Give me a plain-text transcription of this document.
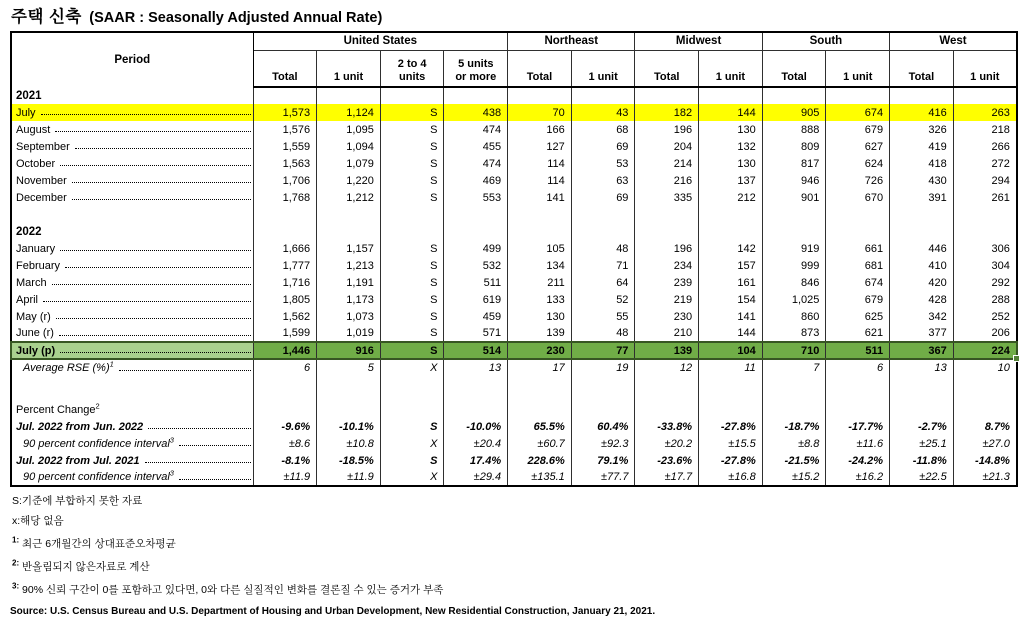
주택 신축 (SAAR : Seasonally Adjusted Annual Rate)
Period	United States				Northeast		Midwest		South		West	
	Total	1 unit	2 to 4
units	5 units
or more	Total	1 unit	Total	1 unit	Total	1 unit	Total	1 unit
2021												

July	1,573	1,124	S	438	70	43	182	144	905	674	416	263

August	1,576	1,095	S	474	166	68	196	130	888	679	326	218

September	1,559	1,094	S	455	127	69	204	132	809	627	419	266

October	1,563	1,079	S	474	114	53	214	130	817	624	418	272

November	1,706	1,220	S	469	114	63	216	137	946	726	430	294

December	1,768	1,212	S	553	141	69	335	212	901	670	391	261

2022												

January	1,666	1,157	S	499	105	48	196	142	919	661	446	306

February	1,777	1,213	S	532	134	71	234	157	999	681	410	304

March	1,716	1,191	S	511	211	64	239	161	846	674	420	292

April	1,805	1,173	S	619	133	52	219	154	1,025	679	428	288

May (r)	1,562	1,073	S	459	130	55	230	141	860	625	342	252

June (r)	1,599	1,019	S	571	139	48	210	144	873	621	377	206

July (p)	1,446	916	S	514	230	77	139	104	710	511	367	224

Average RSE (%)$^1$	6	5	X	13	17	19	12	11	7	6	13	10

Percent Change$^2$												

Jul. 2022 from Jun. 2022	-9.6%	-10.1%	S	-10.0%	65.5%	60.4%	-33.8%	-27.8%	-18.7%	-17.7%	-2.7%	8.7%

90 percent confidence interval$^3$	±8.6	±10.8	X	±20.4	±60.7	±92.3	±20.2	±15.5	±8.8	±11.6	±25.1	±27.0

Jul. 2022 from Jul. 2021	-8.1%	-18.5%	S	17.4%	228.6%	79.1%	-23.6%	-27.8%	-21.5%	-24.2%	-11.8%	-14.8%

90 percent confidence interval$^3$	±11.9	±11.9	X	±29.4	±135.1	±77.7	±17.7	±16.8	±15.2	±16.2	±22.5	±21.3
S:기준에 부합하지 못한 자료
x:해당 없음
$^{1:}$ 최근 6개월간의 상대표준오차평균
$^{2:}$ 반올림되지 않은자료로 계산
$^{3:}$ 90% 신뢰 구간이 0를 포함하고 있다면, 0와 다른 실질적인 변화를 결론질 수 있는 증거가 부족
Source: U.S. Census Bureau and U.S. Department of Housing and Urban Development, New Residential Construction, January 21, 2021.
